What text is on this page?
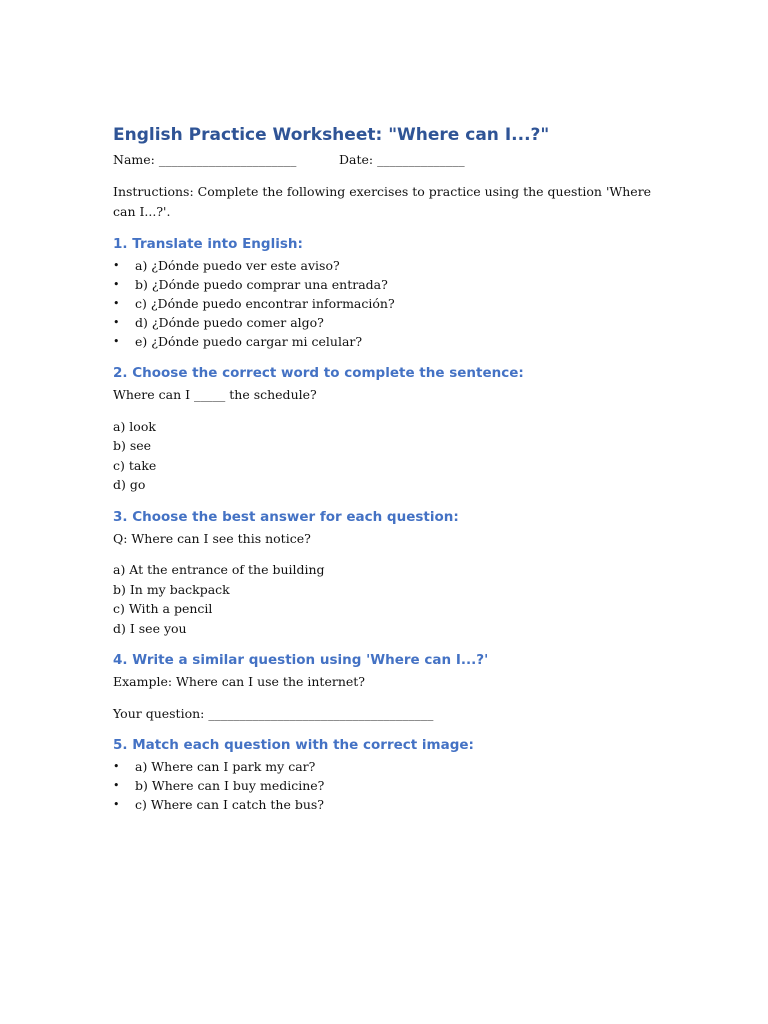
English Practice Worksheet: "Where can I...?"
Name: ______________________	Date: ______________
Instructions: Complete the following exercises to practice using the question 'Where can I...?'.
1. Translate into English:
• a) ¿Dónde puedo ver este aviso?
• b) ¿Dónde puedo comprar una entrada?
• c) ¿Dónde puedo encontrar información?
• d) ¿Dónde puedo comer algo?
• e) ¿Dónde puedo cargar mi celular?
2. Choose the correct word to complete the sentence:

Where can I _____ the schedule?

a) look

b) see

c) take

d) go

3. Choose the best answer for each question:

Q: Where can I see this notice?

a) At the entrance of the building

b) In my backpack

c) With a pencil

d) I see you

4. Write a similar question using 'Where can I...?'

Example: Where can I use the internet?

Your question: ____________________________________

5. Match each question with the correct image:
• a) Where can I park my car?
• b) Where can I buy medicine?
• c) Where can I catch the bus?
